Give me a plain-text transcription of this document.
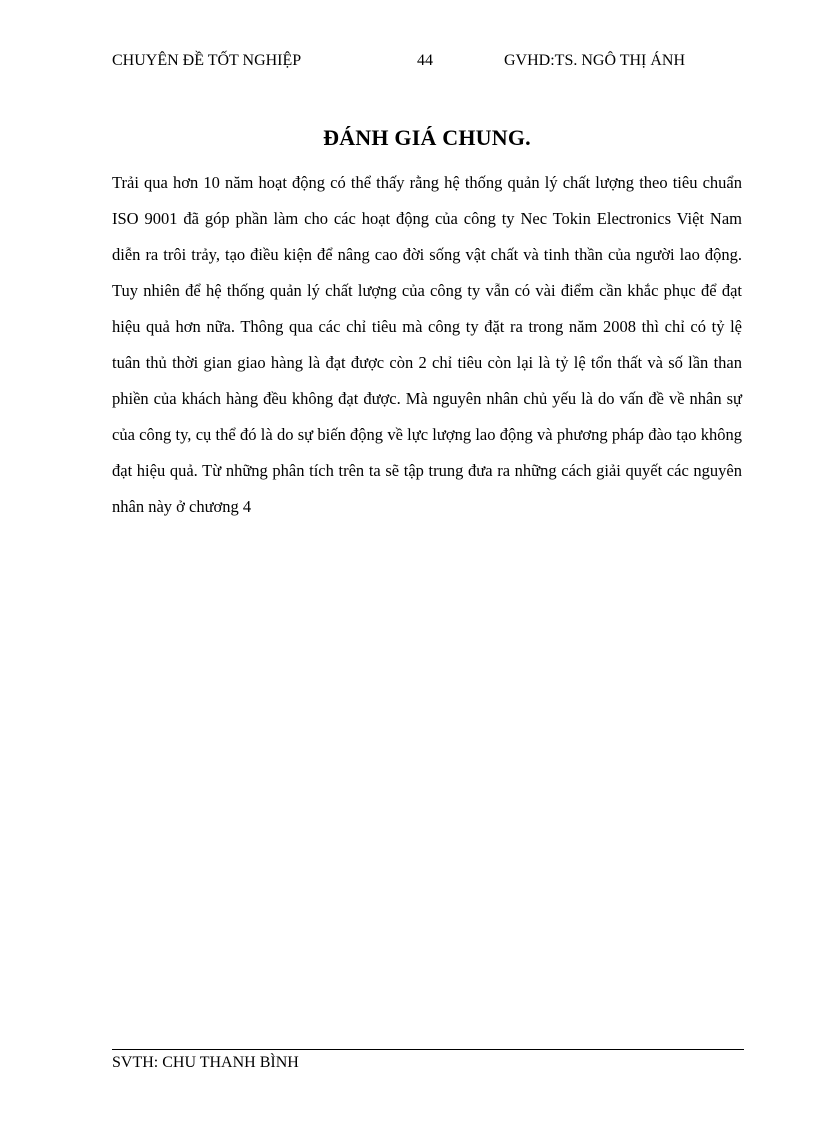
CHUYÊN ĐỀ TỐT NGHIỆP	44	GVHD:TS. NGÔ THỊ ÁNH
ĐÁNH GIÁ CHUNG.

Trải qua hơn 10 năm hoạt động có thể thấy rằng hệ thống quản lý chất lượng theo tiêu chuẩn ISO 9001 đã góp phần làm cho các hoạt động của công ty Nec Tokin Electronics Việt Nam diễn ra trôi trảy, tạo điều kiện để nâng cao đời sống vật chất và tinh thần của người lao động. Tuy nhiên để hệ thống quản lý chất lượng của công ty vẫn có vài điểm cần khắc phục để đạt hiệu quả hơn nữa. Thông qua các chỉ tiêu mà công ty đặt ra trong năm 2008 thì chỉ có tỷ lệ tuân thủ thời gian giao hàng là đạt được còn 2 chỉ tiêu còn lại là tỷ lệ tổn thất và số lần than phiền của khách hàng đều không đạt được. Mà nguyên nhân chủ yếu là do vấn đề về nhân sự của công ty, cụ thể đó là do sự biến động về lực lượng lao động và phương pháp đào tạo không đạt hiệu quả. Từ những phân tích trên ta sẽ tập trung đưa ra những cách giải quyết các nguyên nhân này ở chương 4

SVTH: CHU THANH BÌNH
